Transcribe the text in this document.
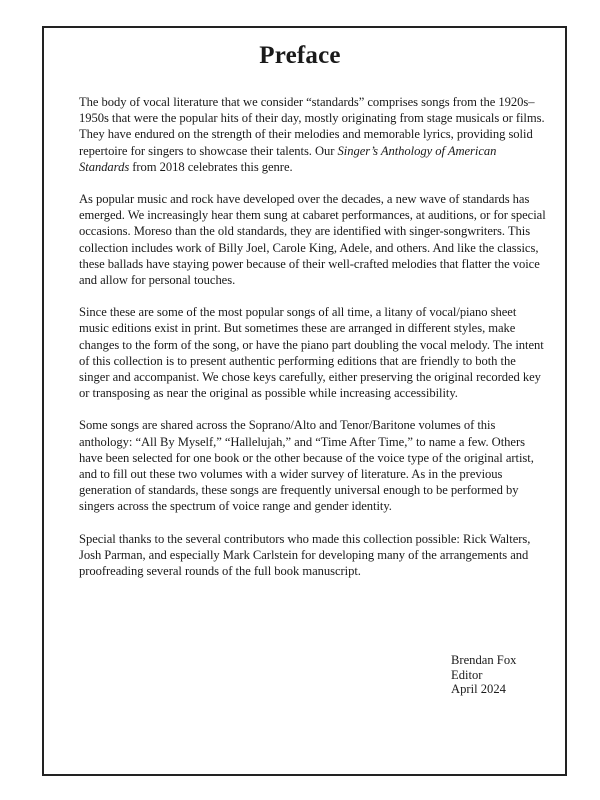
Preface

The body of vocal literature that we consider “standards” comprises songs from the 1920s–1950s that were the popular hits of their day, mostly originating from stage musicals or films. They have endured on the strength of their melodies and memorable lyrics, providing solid repertoire for singers to showcase their talents. Our Singer’s Anthology of American Standards from 2018 celebrates this genre.

As popular music and rock have developed over the decades, a new wave of standards has emerged. We increasingly hear them sung at cabaret performances, at auditions, or for special occasions. Moreso than the old standards, they are identified with singer-songwriters. This collection includes work of Billy Joel, Carole King, Adele, and others. And like the classics, these ballads have staying power because of their well-crafted melodies that flatter the voice and allow for personal touches.

Since these are some of the most popular songs of all time, a litany of vocal/piano sheet music editions exist in print. But sometimes these are arranged in different styles, make changes to the form of the song, or have the piano part doubling the vocal melody. The intent of this collection is to present authentic performing editions that are friendly to both the singer and accompanist. We chose keys carefully, either preserving the original recorded key or transposing as near the original as possible while increasing accessibility.

Some songs are shared across the Soprano/Alto and Tenor/Baritone volumes of this anthology: “All By Myself,” “Hallelujah,” and “Time After Time,” to name a few. Others have been selected for one book or the other because of the voice type of the original artist, and to fill out these two volumes with a wider survey of literature. As in the previous generation of standards, these songs are frequently universal enough to be performed by singers across the spectrum of voice range and gender identity.

Special thanks to the several contributors who made this collection possible: Rick Walters, Josh Parman, and especially Mark Carlstein for developing many of the arrangements and proofreading several rounds of the full book manuscript.

Brendan Fox
Editor
April 2024
